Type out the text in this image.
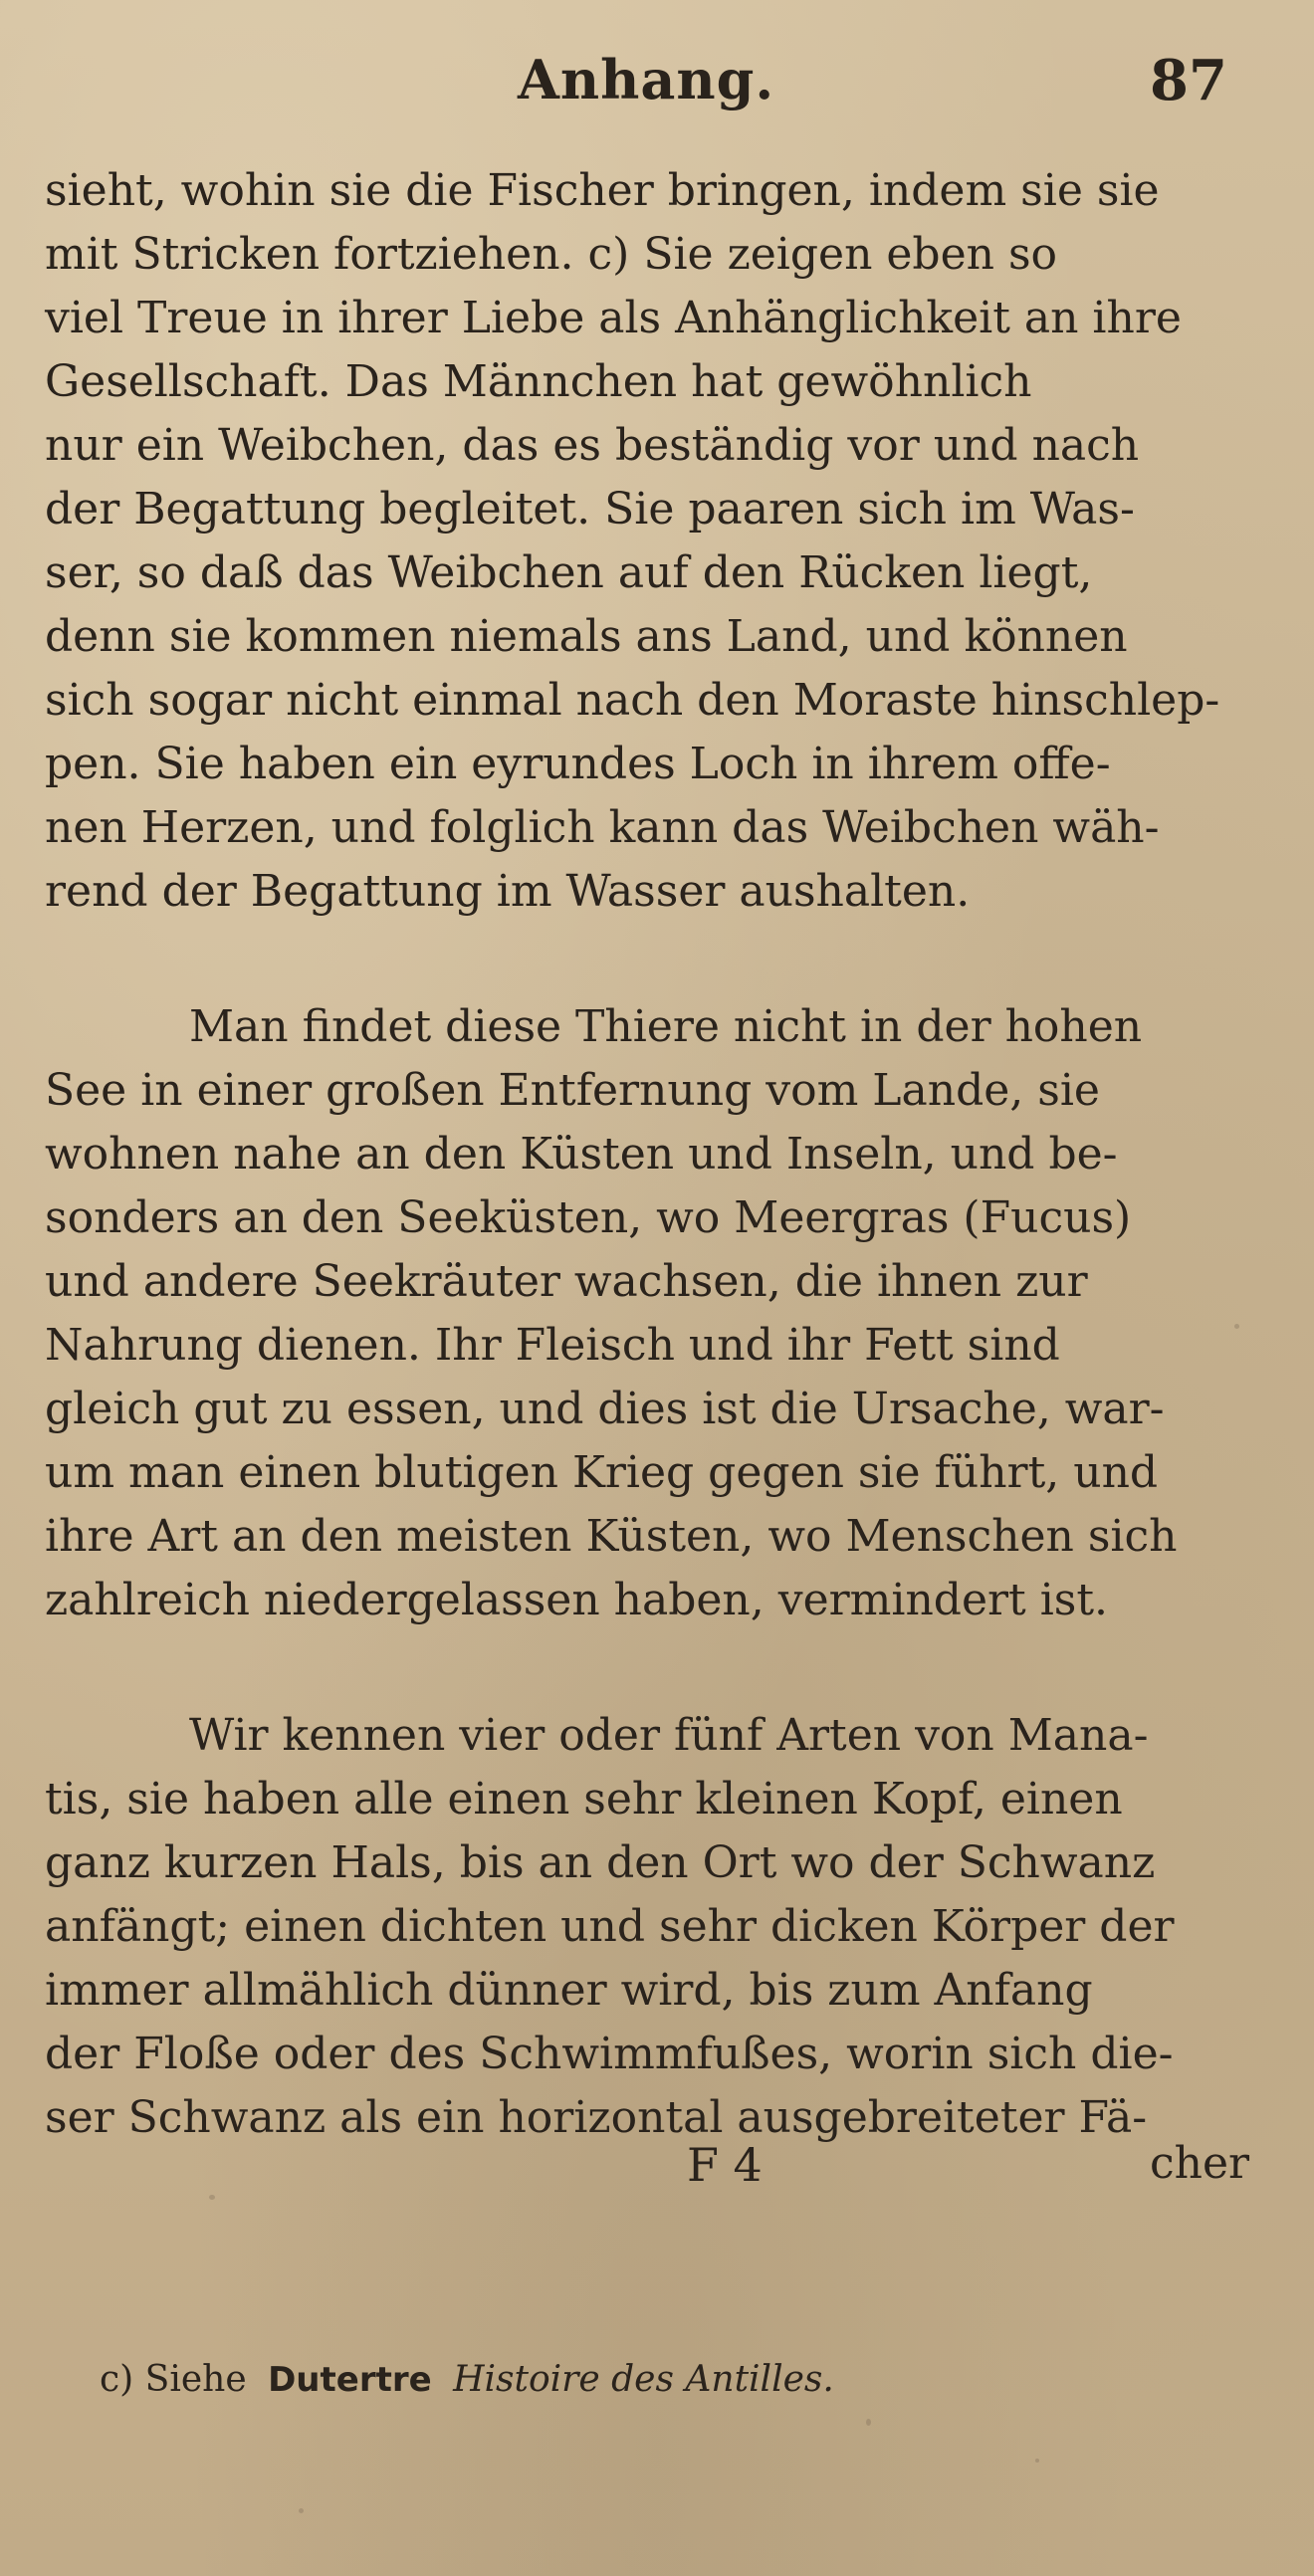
Anhang.	87
sieht, wohin sie die Fischer bringen, indem sie sie
mit Stricken fortziehen. c) Sie zeigen eben so
viel Treue in ihrer Liebe als Anhänglichkeit an ihre
Gesellschaft. Das Männchen hat gewöhnlich
nur ein Weibchen, das es beständig vor und nach
der Begattung begleitet. Sie paaren sich im Was-
ser, so daß das Weibchen auf den Rücken liegt,
denn sie kommen niemals ans Land, und können
sich sogar nicht einmal nach den Moraste hinschlep-
pen. Sie haben ein eyrundes Loch in ihrem offe-
nen Herzen, und folglich kann das Weibchen wäh-
rend der Begattung im Wasser aushalten.
Man findet diese Thiere nicht in der hohen
See in einer großen Entfernung vom Lande, sie
wohnen nahe an den Küsten und Inseln, und be-
sonders an den Seeküsten, wo Meergras (Fucus)
und andere Seekräuter wachsen, die ihnen zur
Nahrung dienen. Ihr Fleisch und ihr Fett sind
gleich gut zu essen, und dies ist die Ursache, war-
um man einen blutigen Krieg gegen sie führt, und
ihre Art an den meisten Küsten, wo Menschen sich
zahlreich niedergelassen haben, vermindert ist.
Wir kennen vier oder fünf Arten von Mana-
tis, sie haben alle einen sehr kleinen Kopf, einen
ganz kurzen Hals, bis an den Ort wo der Schwanz
anfängt; einen dichten und sehr dicken Körper der
immer allmählich dünner wird, bis zum Anfang
der Floße oder des Schwimmfußes, worin sich die-
ser Schwanz als ein horizontal ausgebreiteter Fä-
F 4	cher
c) Siehe Dutertre Histoire des Antilles.
